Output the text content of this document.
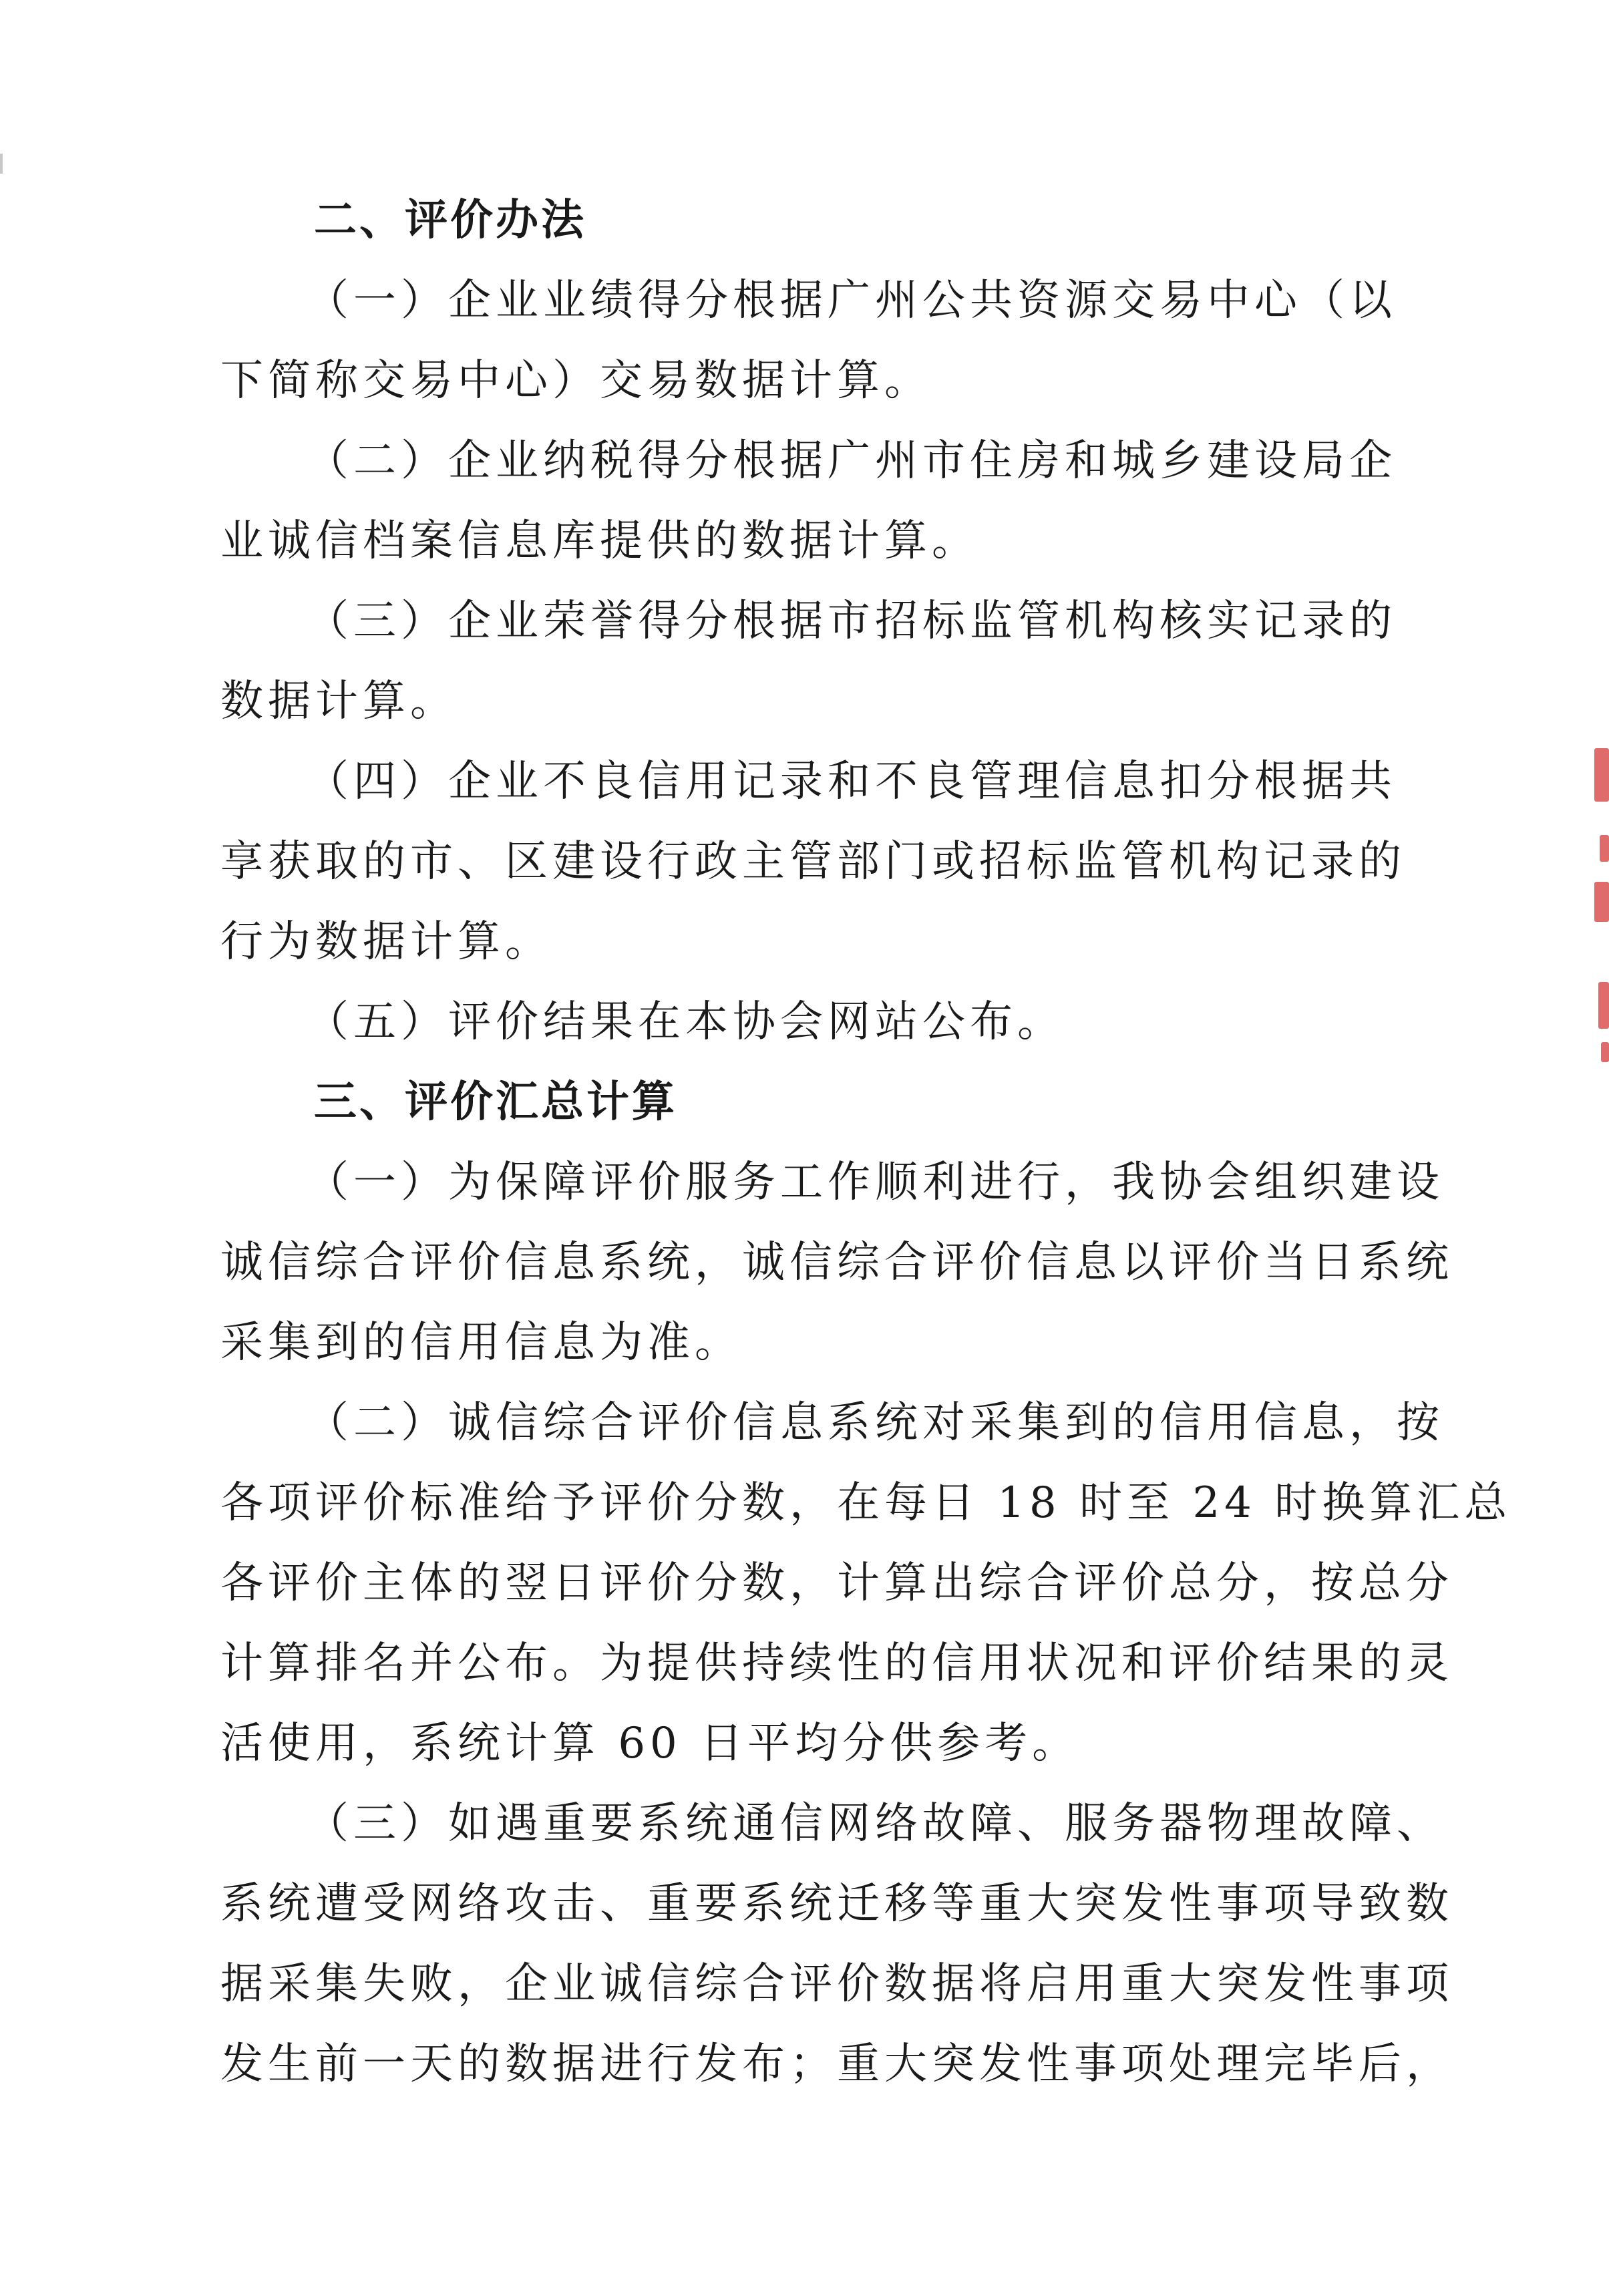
二、评价办法
（一）企业业绩得分根据广州公共资源交易中心（以
下简称交易中心）交易数据计算。
（二）企业纳税得分根据广州市住房和城乡建设局企
业诚信档案信息库提供的数据计算。
（三）企业荣誉得分根据市招标监管机构核实记录的
数据计算。
（四）企业不良信用记录和不良管理信息扣分根据共
享获取的市、区建设行政主管部门或招标监管机构记录的
行为数据计算。
（五）评价结果在本协会网站公布。
三、评价汇总计算
（一）为保障评价服务工作顺利进行，我协会组织建设
诚信综合评价信息系统，诚信综合评价信息以评价当日系统
采集到的信用信息为准。
（二）诚信综合评价信息系统对采集到的信用信息，按
各项评价标准给予评价分数，在每日 18 时至 24 时换算汇总
各评价主体的翌日评价分数，计算出综合评价总分，按总分
计算排名并公布。为提供持续性的信用状况和评价结果的灵
活使用，系统计算 60 日平均分供参考。
（三）如遇重要系统通信网络故障、服务器物理故障、
系统遭受网络攻击、重要系统迁移等重大突发性事项导致数
据采集失败，企业诚信综合评价数据将启用重大突发性事项
发生前一天的数据进行发布；重大突发性事项处理完毕后，
